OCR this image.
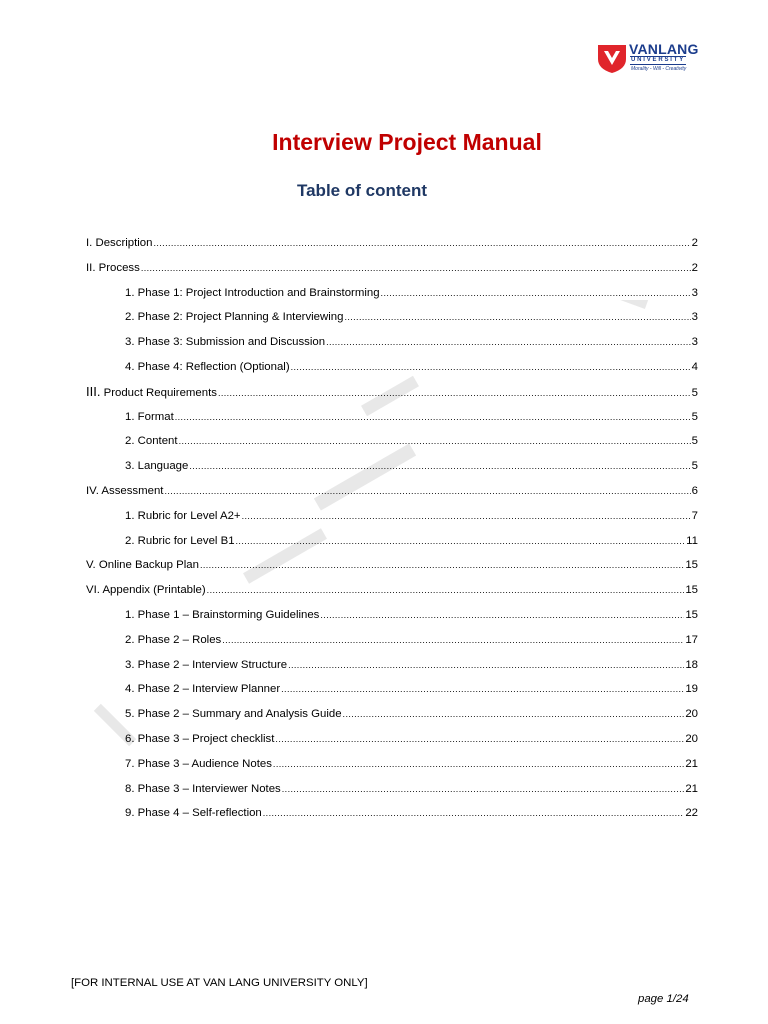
VANLANG
UNIVERSITY
Morality - Will - Creativity
Interview Project Manual
Table of content
I. Description .....	2
II. Process .....	2
1. Phase 1: Project Introduction and Brainstorming .....	3
2. Phase 2: Project Planning & Interviewing .....	3
3. Phase 3: Submission and Discussion .....	3
4. Phase 4: Reflection (Optional) .....	4
III. Product Requirements .....	5
1. Format .....	5
2. Content .....	5
3. Language .....	5
IV. Assessment .....	6
1. Rubric for Level A2+ .....	7
2. Rubric for Level B1 .....	11
V. Online Backup Plan .....	15
VI. Appendix (Printable) .....	15
1. Phase 1 – Brainstorming Guidelines .....	15
2. Phase 2 – Roles .....	17
3. Phase 2 – Interview Structure .....	18
4. Phase 2 – Interview Planner .....	19
5. Phase 2 – Summary and Analysis Guide .....	20
6. Phase 3 – Project checklist .....	20
7. Phase 3 – Audience Notes .....	21
8. Phase 3 – Interviewer Notes .....	21
9. Phase 4 – Self-reflection .....	22
[FOR INTERNAL USE AT VAN LANG UNIVERSITY ONLY]
page 1/24
